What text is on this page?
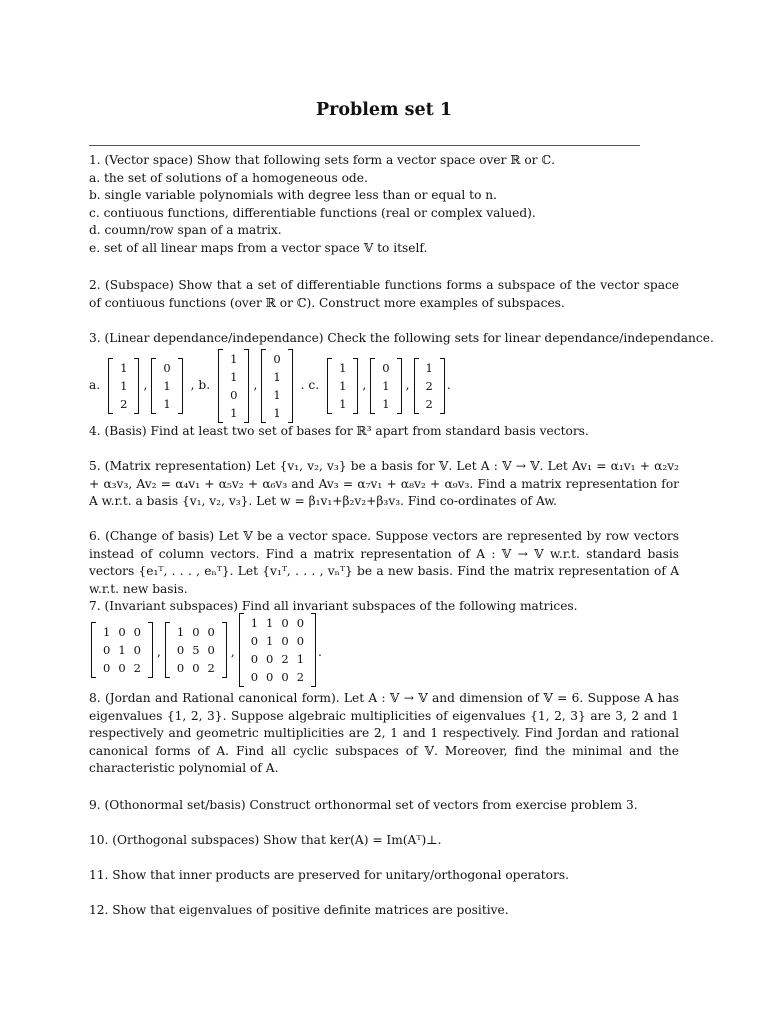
Problem set 1
1. (Vector space) Show that following sets form a vector space over ℝ or ℂ.
a. the set of solutions of a homogeneous ode.
b. single variable polynomials with degree less than or equal to n.
c. contiuous functions, differentiable functions (real or complex valued).
d. coumn/row span of a matrix.
e. set of all linear maps from a vector space 𝕍 to itself.

2. (Subspace) Show that a set of differentiable functions forms a subspace of the vector space of contiuous functions (over ℝ or ℂ). Construct more examples of subspaces.

3. (Linear dependance/independance) Check the following sets for linear dependance/independance.
a.
1
1
2
,
0
1
1
, b.
1
1
0
1
,
0
1
1
1
. c.
1
1
1
,
0
1
1
,
1
2
2
.
4. (Basis) Find at least two set of bases for ℝ³ apart from standard basis vectors.

5. (Matrix representation) Let {v₁, v₂, v₃} be a basis for 𝕍. Let A : 𝕍 → 𝕍. Let Av₁ = α₁v₁ + α₂v₂ + α₃v₃, Av₂ = α₄v₁ + α₅v₂ + α₆v₃ and Av₃ = α₇v₁ + α₈v₂ + α₉v₃. Find a matrix representation for A w.r.t. a basis {v₁, v₂, v₃}. Let w = β₁v₁+β₂v₂+β₃v₃. Find co-ordinates of Aw.

6. (Change of basis) Let 𝕍 be a vector space. Suppose vectors are represented by row vectors instead of column vectors. Find a matrix representation of A : 𝕍 → 𝕍 w.r.t. standard basis vectors {e₁ᵀ, . . . , eₙᵀ}. Let {v₁ᵀ, . . . , vₙᵀ} be a new basis. Find the matrix representation of A w.r.t. new basis.

7. (Invariant subspaces) Find all invariant subspaces of the following matrices.
1
0
0
0
1
0
0
0
2
,
1
0
0
0
5
0
0
0
2
,
1
0
0
0
1
1
0
0
0
0
2
0
0
0
1
2
.

8. (Jordan and Rational canonical form). Let A : 𝕍 → 𝕍 and dimension of 𝕍 = 6. Suppose A has eigenvalues {1, 2, 3}. Suppose algebraic multiplicities of eigenvalues {1, 2, 3} are 3, 2 and 1 respectively and geometric multiplicities are 2, 1 and 1 respectively. Find Jordan and rational canonical forms of A. Find all cyclic subspaces of 𝕍. Moreover, find the minimal and the characteristic polynomial of A.

9. (Othonormal set/basis) Construct orthonormal set of vectors from exercise problem 3.
10. (Orthogonal subspaces) Show that ker(A) = Im(Aᵀ)⊥.
11. Show that inner products are preserved for unitary/orthogonal operators.
12. Show that eigenvalues of positive definite matrices are positive.
